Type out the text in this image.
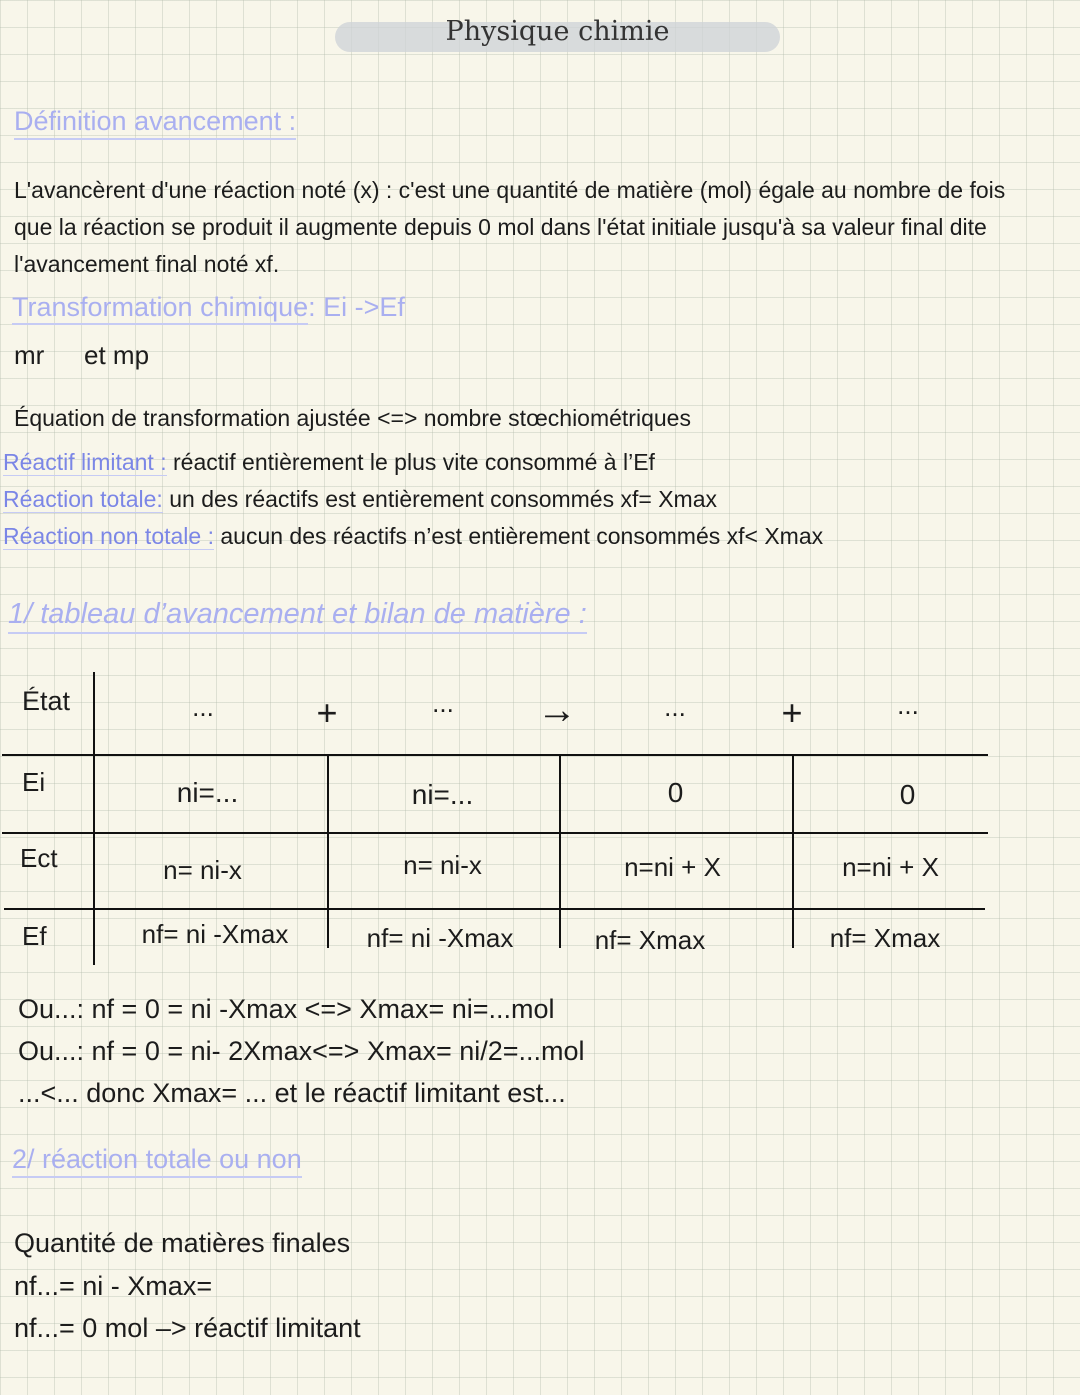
Physique chimie
Définition avancement :
L'avancèrent d'une réaction noté (x) : c'est une quantité de matière (mol) égale au nombre de fois que la réaction se produit il augmente depuis 0 mol dans l'état initiale jusqu'à sa valeur final dite l'avancement final noté xf.
Transformation chimique: Ei ->Ef
mr et mp
Équation de transformation ajustée <=> nombre stœchiométriques
Réactif limitant : réactif entièrement le plus vite consommé à l’Ef
Réaction totale: un des réactifs est entièrement consommés xf= Xmax
Réaction non totale : aucun des réactifs n’est entièrement consommés xf< Xmax
1/ tableau d’avancement et bilan de matière :
État	...	+	...	→	...	+	...
Ei	ni=...	ni=...	0	0
Ect	n= ni-x	n= ni-x	n=ni + X	n=ni + X
Ef	nf= ni -Xmax	nf= ni -Xmax	nf= Xmax	nf= Xmax
Ou...: nf = 0 = ni -Xmax <=> Xmax= ni=...mol
Ou...: nf = 0 = ni- 2Xmax<=> Xmax= ni/2=...mol
...<... donc Xmax= ... et le réactif limitant est...
2/ réaction totale ou non
Quantité de matières finales
nf...= ni - Xmax=
nf...= 0 mol –> réactif limitant
